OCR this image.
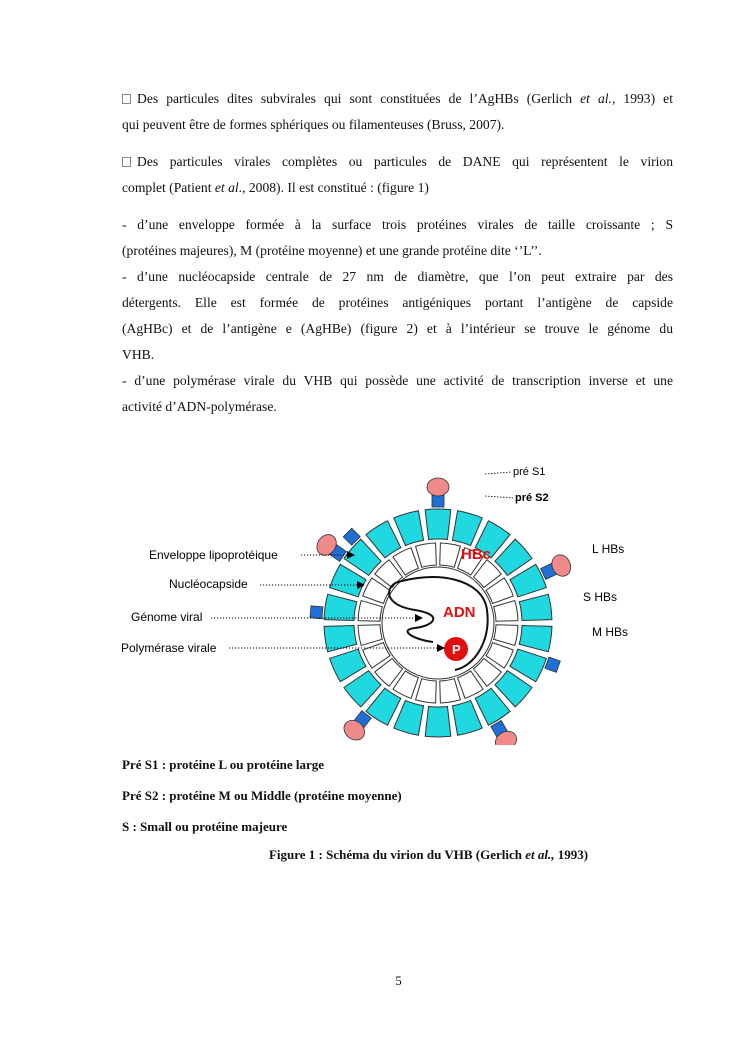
Des particules dites subvirales qui sont constituées de l’AgHBs (Gerlich et al., 1993) et
qui peuvent être de formes sphériques ou filamenteuses (Bruss, 2007).
Des particules virales complètes ou particules de DANE qui représentent le virion
complet (Patient et al., 2008). Il est constitué : (figure 1)
- d’une enveloppe formée à la surface trois protéines virales de taille croissante ; S
(protéines majeures), M (protéine moyenne) et une grande protéine dite ‘’L’’.
- d’une nucléocapside centrale de 27 nm de diamètre, que l’on peut extraire par des
détergents. Elle est formée de protéines antigéniques portant l’antigène de capside
(AgHBc) et de l’antigène e (AgHBe) (figure 2) et à l’intérieur se trouve le génome du
VHB.
- d’une polymérase virale du VHB qui possède une activité de transcription inverse et une
activité d’ADN-polymérase.
HBc
ADN
P
pré S1
pré S2
L HBs
S HBs
M HBs
Enveloppe lipoprotéique
Nucléocapside
Génome viral
Polymérase virale
Pré S1 : protéine L ou protéine large
Pré S2 : protéine M ou Middle (protéine moyenne)
S : Small ou protéine majeure
Figure 1 : Schéma du virion du VHB (Gerlich et al., 1993)
5
